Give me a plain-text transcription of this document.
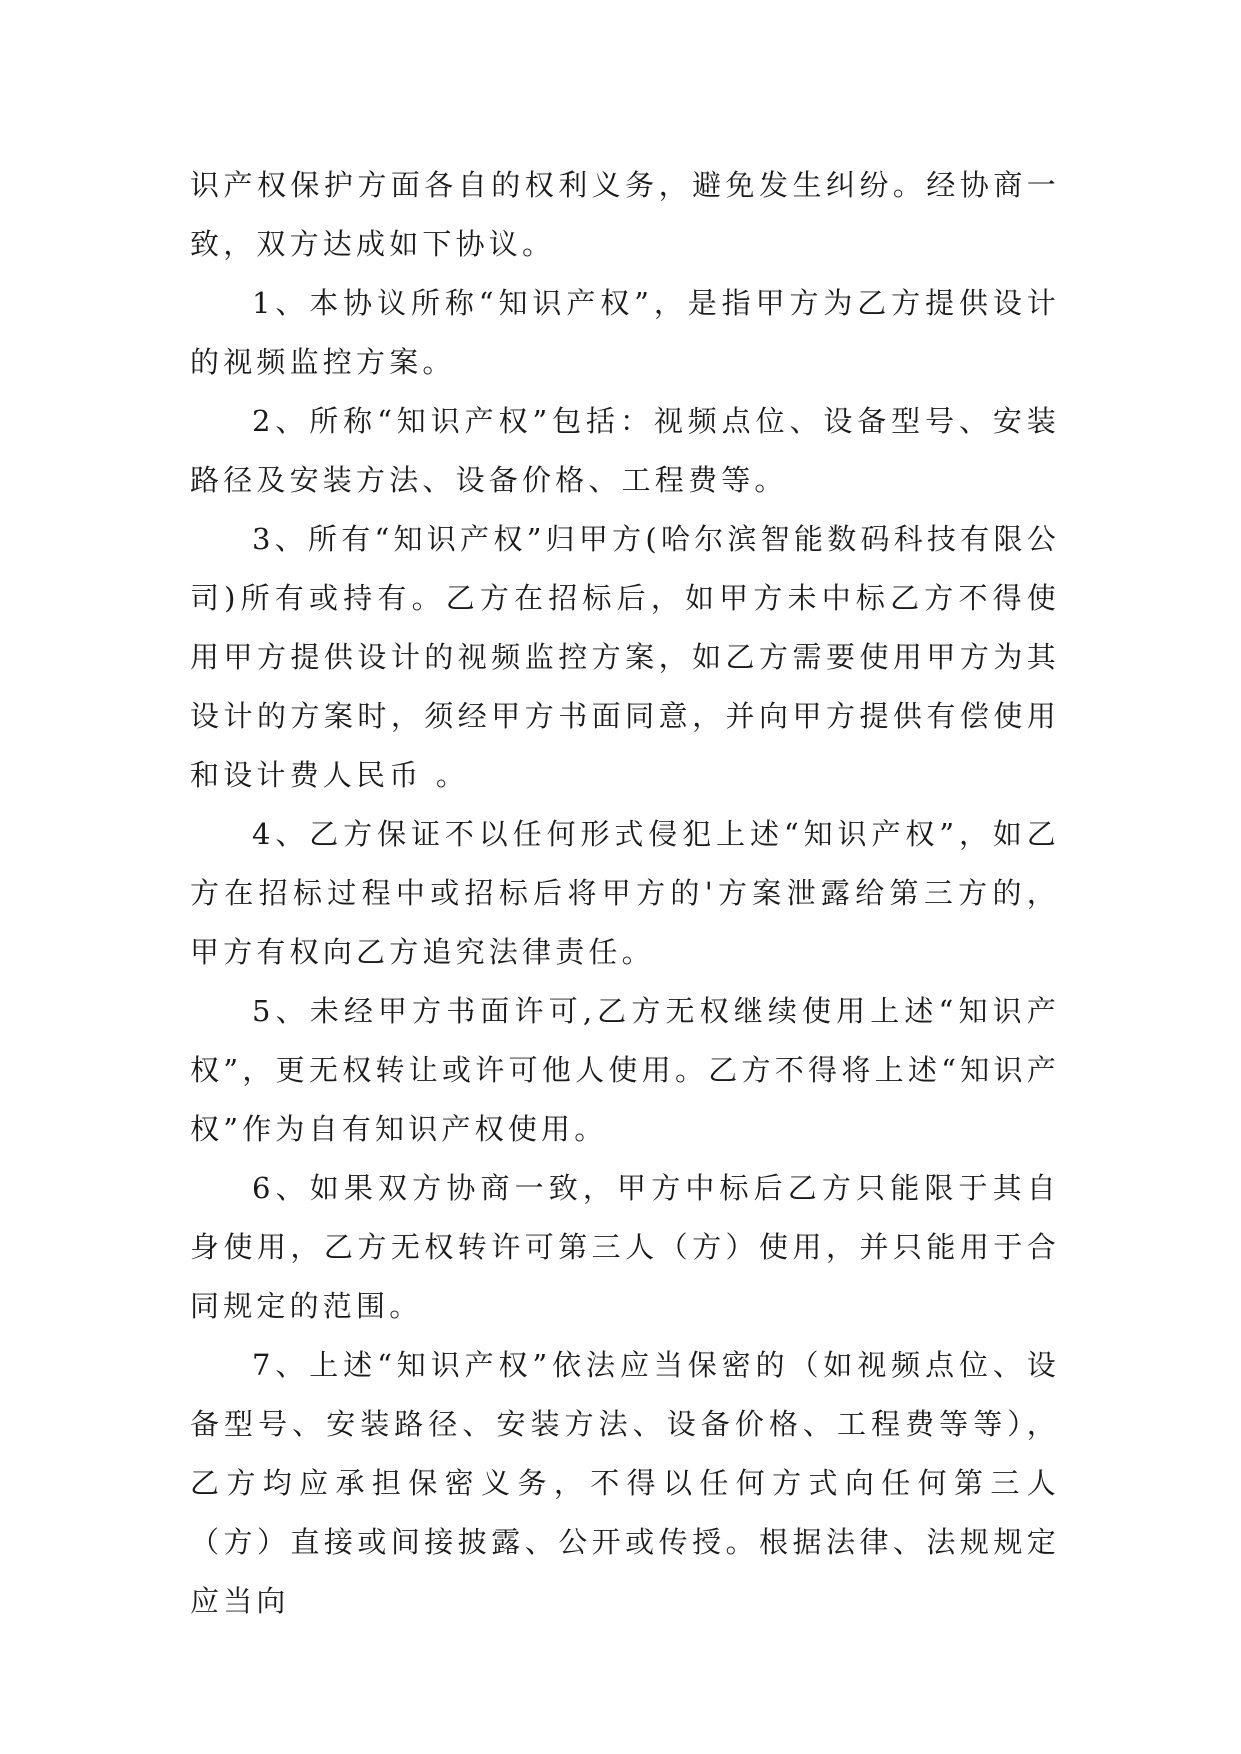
识产权保护方面各自的权利义务，避免发生纠纷。经协商一致，双方达成如下协议。

1、本协议所称“知识产权”，是指甲方为乙方提供设计的视频监控方案。

2、所称“知识产权”包括：视频点位、设备型号、安装路径及安装方法、设备价格、工程费等。

3、所有“知识产权”归甲方(哈尔滨智能数码科技有限公司)所有或持有。乙方在招标后，如甲方未中标乙方不得使用甲方提供设计的视频监控方案，如乙方需要使用甲方为其设计的方案时，须经甲方书面同意，并向甲方提供有偿使用和设计费人民币 。

4、乙方保证不以任何形式侵犯上述“知识产权”，如乙方在招标过程中或招标后将甲方的'方案泄露给第三方的，甲方有权向乙方追究法律责任。

5、未经甲方书面许可,乙方无权继续使用上述“知识产权”，更无权转让或许可他人使用。乙方不得将上述“知识产权”作为自有知识产权使用。

6、如果双方协商一致，甲方中标后乙方只能限于其自身使用，乙方无权转许可第三人（方）使用，并只能用于合同规定的范围。

7、上述“知识产权”依法应当保密的（如视频点位、设备型号、安装路径、安装方法、设备价格、工程费等等），乙方均应承担保密义务，不得以任何方式向任何第三人（方）直接或间接披露、公开或传授。根据法律、法规规定应当向
